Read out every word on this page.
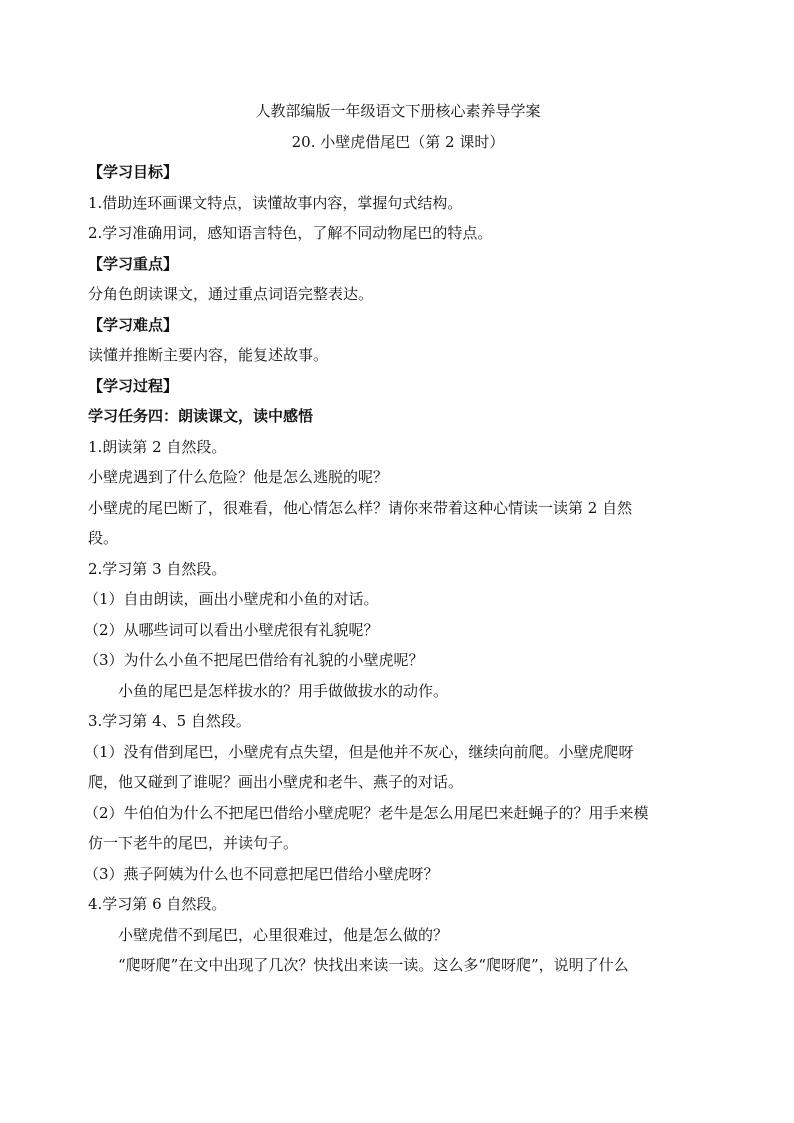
人教部编版一年级语文下册核心素养导学案

20. 小壁虎借尾巴（第 2 课时）

【学习目标】

1.借助连环画课文特点，读懂故事内容，掌握句式结构。

2.学习准确用词，感知语言特色，了解不同动物尾巴的特点。

【学习重点】

分角色朗读课文，通过重点词语完整表达。

【学习难点】

读懂并推断主要内容，能复述故事。

【学习过程】

学习任务四：朗读课文，读中感悟

1.朗读第 2 自然段。

小壁虎遇到了什么危险？他是怎么逃脱的呢？

小壁虎的尾巴断了，很难看，他心情怎么样？请你来带着这种心情读一读第 2 自然

段。

2.学习第 3 自然段。

（1）自由朗读，画出小壁虎和小鱼的对话。

（2）从哪些词可以看出小壁虎很有礼貌呢？

（3）为什么小鱼不把尾巴借给有礼貌的小壁虎呢？

小鱼的尾巴是怎样拔水的？用手做做拔水的动作。

3.学习第 4、5 自然段。

（1）没有借到尾巴，小壁虎有点失望，但是他并不灰心，继续向前爬。小壁虎爬呀

爬，他又碰到了谁呢？画出小壁虎和老牛、燕子的对话。

（2）牛伯伯为什么不把尾巴借给小壁虎呢？老牛是怎么用尾巴来赶蝇子的？用手来模

仿一下老牛的尾巴，并读句子。

（3）燕子阿姨为什么也不同意把尾巴借给小壁虎呀？

4.学习第 6 自然段。

小壁虎借不到尾巴，心里很难过，他是怎么做的？

“爬呀爬”在文中出现了几次？快找出来读一读。这么多“爬呀爬”，说明了什么
